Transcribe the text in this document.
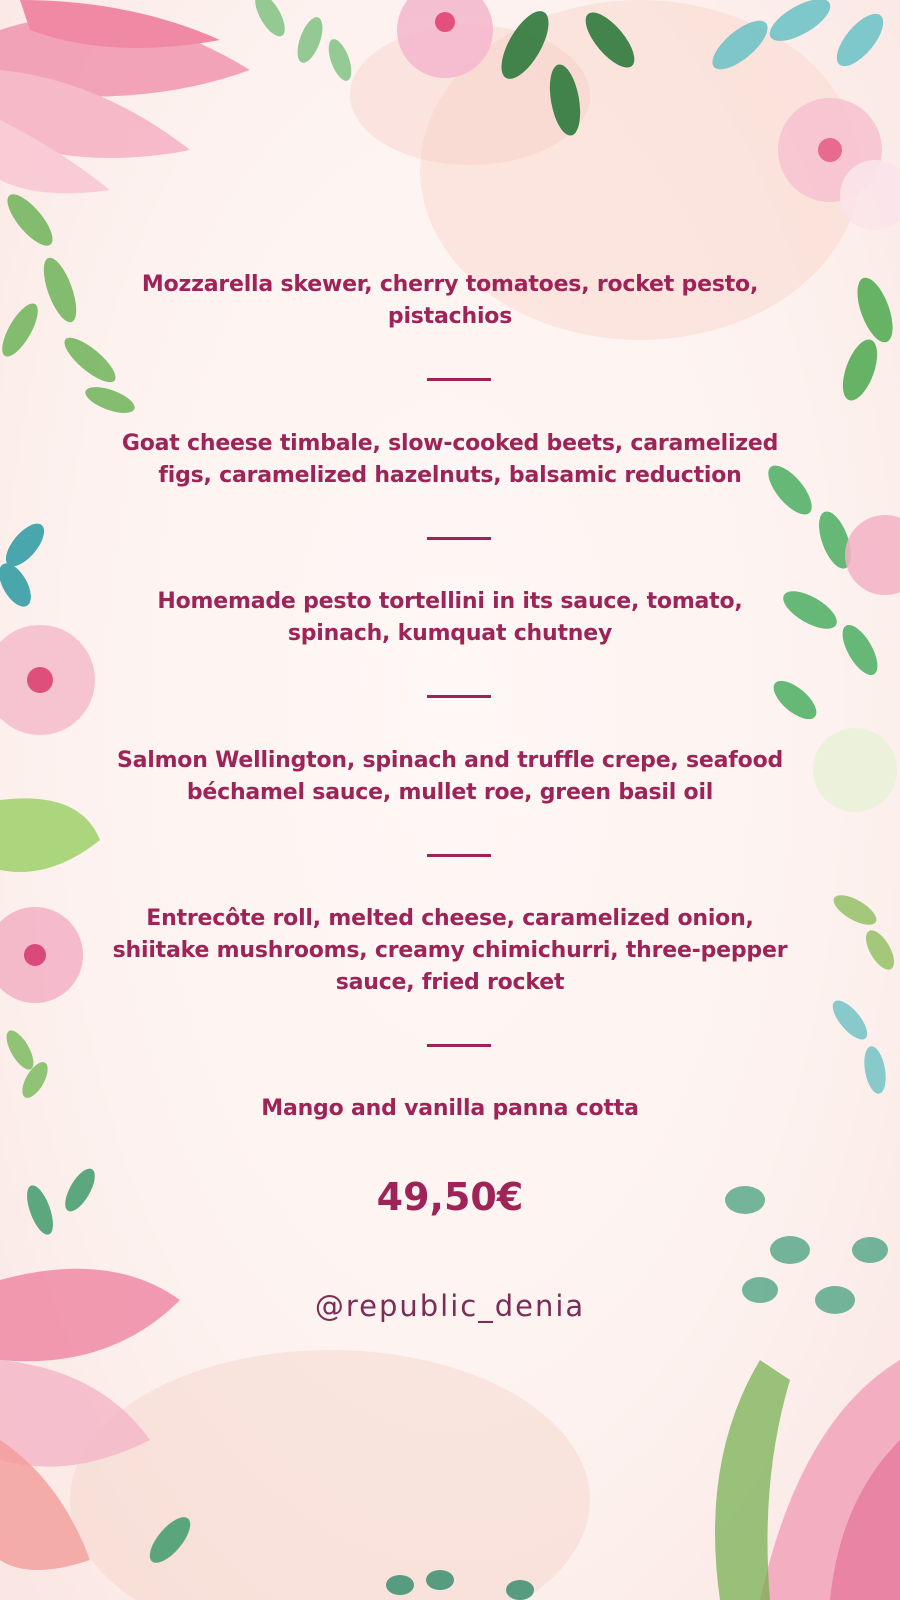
Mozzarella skewer, cherry tomatoes, rocket pesto, pistachios
Goat cheese timbale, slow-cooked beets, caramelized figs, caramelized hazelnuts, balsamic reduction
Homemade pesto tortellini in its sauce, tomato, spinach, kumquat chutney
Salmon Wellington, spinach and truffle crepe, seafood béchamel sauce, mullet roe, green basil oil
Entrecôte roll, melted cheese, caramelized onion, shiitake mushrooms, creamy chimichurri, three-pepper sauce, fried rocket
Mango and vanilla panna cotta
49,50€
@republic_denia
